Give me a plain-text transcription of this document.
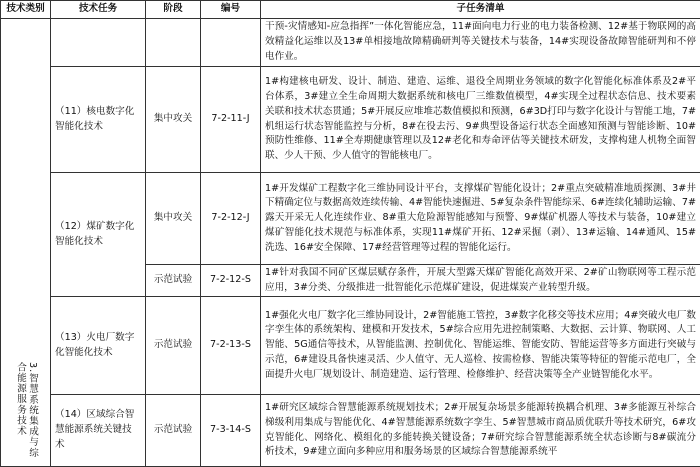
技术类别	技术任务	阶段	编号	子任务清单
				干预-灾情感知-应急指挥”一体化智能应急，11#面向电力行业的电力装备检测、12#基于物联网的高效精益化运维以及13#单相接地故障精确研判等关键技术与装备，14#实现设备故障智能研判和不停电作业。
	（11）核电数字化智能化技术	集中攻关	7-2-11-J	1#构建核电研发、设计、制造、建造、运维、退役全周期业务领域的数字化智能化标准体系及2#平台体系，3#建立全生命周期大数据系统和核电厂三维数值模型，4#实现全过程状态信息、技术要素关联和技术状态贯通；5#开展反应堆堆芯数值模拟和预测，6#3D打印与数字化设计与智能工地，7#机组运行状态智能监控与分析，8#在役去污、9#典型设备运行状态全面感知预测与智能诊断、10#预防性维修、11#全寿期健康管理以及12#老化和寿命评估等关键技术研发，支撑构建人机物全面智联、少人干预、少人值守的智能核电厂。
	（12）煤矿数字化智能化技术	集中攻关	7-2-12-J	1#开发煤矿工程数字化三维协同设计平台，支撑煤矿智能化设计；2#重点突破精准地质探测、3#井下精确定位与数据高效连续传输、4#智能快速掘进、5#复杂条件智能综采、6#连续化辅助运输、7#露天开采无人化连续作业、8#重大危险源智能感知与预警、9#煤矿机器人等技术与装备，10#建立煤矿智能化技术规范与标准体系，实现11#煤矿开拓、12#采掘（剥）、13#运输、14#通风、15#洗选、16#安全保障、17#经营管理等过程的智能化运行。
		示范试验	7-2-12-S	1#针对我国不同矿区煤层赋存条件，开展大型露天煤矿智能化高效开采、2#矿山物联网等工程示范应用，3#分类、分级推进一批智能化示范煤矿建设，促进煤炭产业转型升级。
	（13）火电厂数字化智能化技术	示范试验	7-2-13-S	1#强化火电厂数字化三维协同设计，2#智能施工管控，3#数字化移交等技术应用；4#突破火电厂数字孪生体的系统架构、建模和开发技术，5#综合应用先进控制策略、大数据、云计算、物联网、人工智能、5G通信等技术，从智能监测、控制优化、智能运维、智能安防、智能运营等多方面进行突破与示范，6#建设具备快速灵活、少人值守、无人巡检、按需检修、智能决策等特征的智能示范电厂，全面提升火电厂规划设计、制造建造、运行管理、检修维护、经营决策等全产业链智能化水平。
	（14）区域综合智慧能源系统关键技术	示范试验	7-3-14-S	1#研究区域综合智慧能源系统规划技术；2#开展复杂场景多能源转换耦合机理、3#多能源互补综合梯级利用集成与智能优化、4#智慧能源系统数字孪生、5#智慧城市商品质优联升等技术研究，6#攻克智能化、网络化、模组化的多能转换关键设备；7#研究综合智慧能源系统全状态诊断与8#碳流分析技术，9#建立面向多种应用和服务场景的区域综合智慧能源系统平
3.智慧系统集成与综合能源服务技术
